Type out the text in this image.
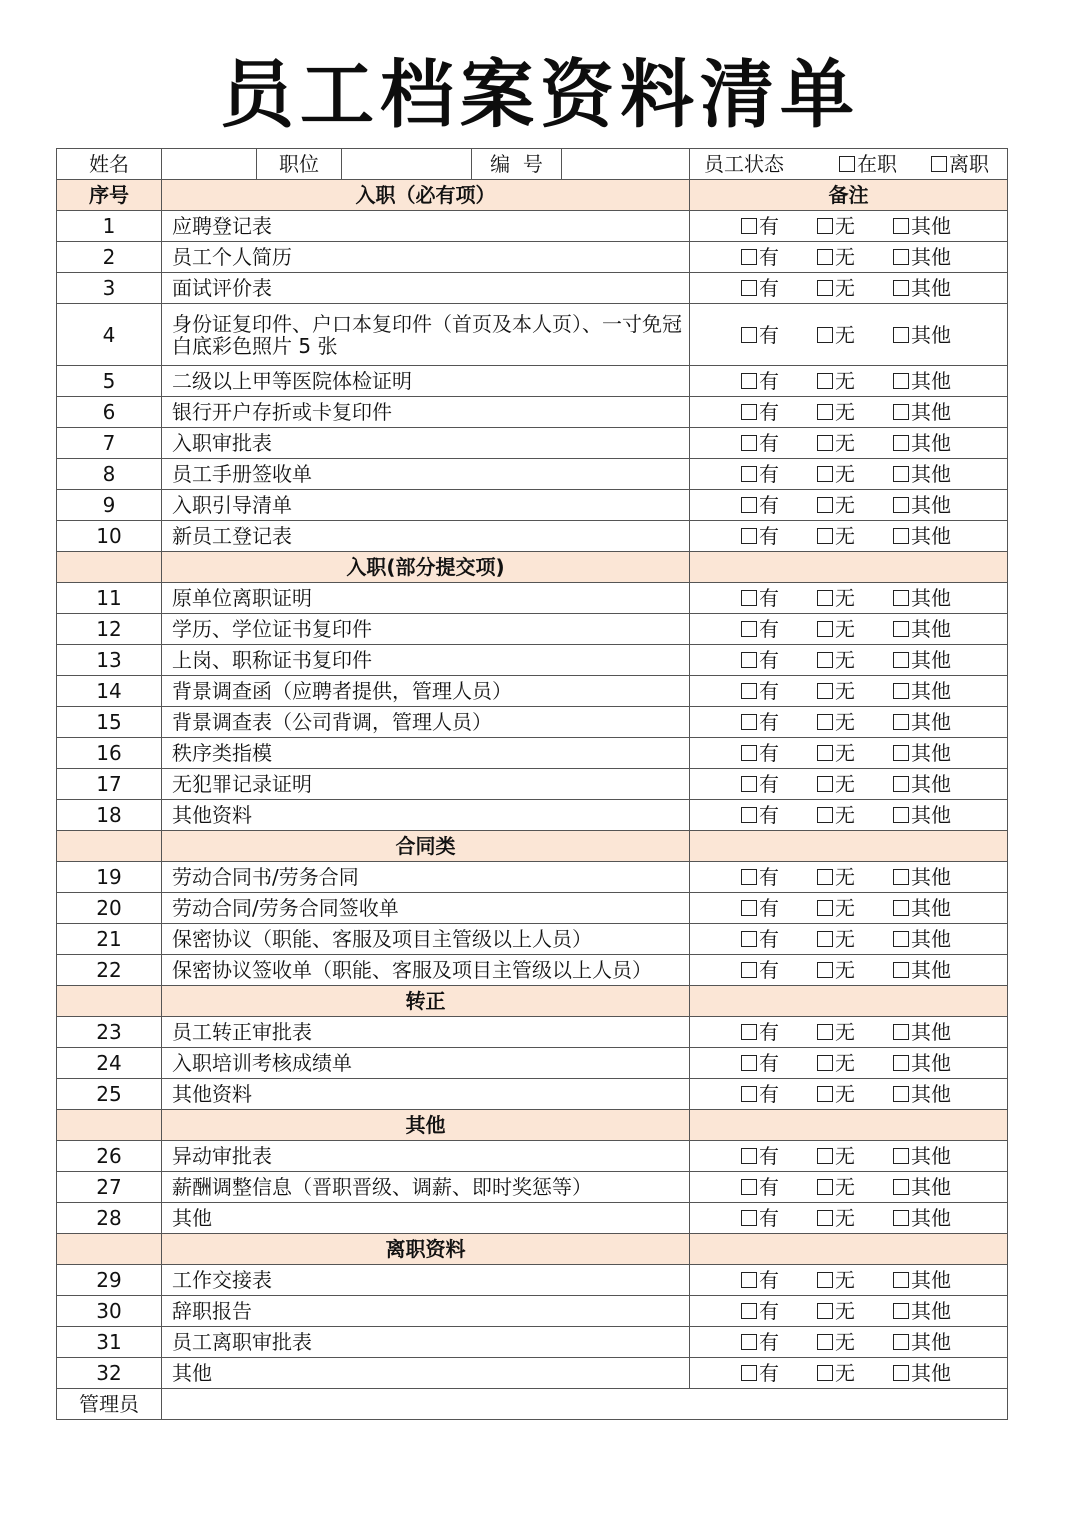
员工档案资料清单
姓名		职位		编  号		员工状态 在职 离职

序号	入职（必有项）					备注
1	应聘登记表					有 无 其他

2	员工个人简历					有 无 其他

3	面试评价表					有 无 其他

4	身份证复印件、户口本复印件（首页及本人页）、一寸免冠白底彩色照片 5 张					有 无 其他

5	二级以上甲等医院体检证明					有 无 其他

6	银行开户存折或卡复印件					有 无 其他

7	入职审批表					有 无 其他

8	员工手册签收单					有 无 其他

9	入职引导清单					有 无 其他

10	新员工登记表					有 无 其他

	入职(部分提交项)					
11	原单位离职证明					有 无 其他

12	学历、学位证书复印件					有 无 其他

13	上岗、职称证书复印件					有 无 其他

14	背景调查函（应聘者提供，管理人员）					有 无 其他

15	背景调查表（公司背调，管理人员）					有 无 其他

16	秩序类指模					有 无 其他

17	无犯罪记录证明					有 无 其他

18	其他资料					有 无 其他

	合同类					
19	劳动合同书/劳务合同					有 无 其他

20	劳动合同/劳务合同签收单					有 无 其他

21	保密协议（职能、客服及项目主管级以上人员）					有 无 其他

22	保密协议签收单（职能、客服及项目主管级以上人员）					有 无 其他

	转正					
23	员工转正审批表					有 无 其他

24	入职培训考核成绩单					有 无 其他

25	其他资料					有 无 其他

	其他					
26	异动审批表					有 无 其他

27	薪酬调整信息（晋职晋级、调薪、即时奖惩等）					有 无 其他

28	其他					有 无 其他

	离职资料					
29	工作交接表					有 无 其他

30	辞职报告					有 无 其他

31	员工离职审批表					有 无 其他

32	其他					有 无 其他

管理员						
